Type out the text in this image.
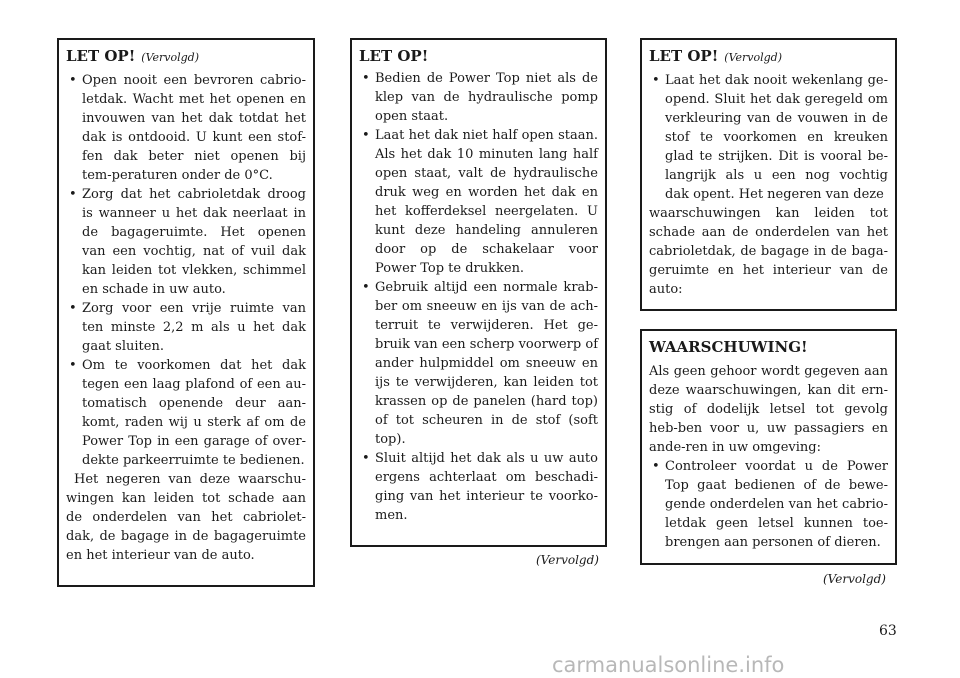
LET OP! (Vervolgd)
• Open nooit een bevroren cabrio-letdak. Wacht met het openen en invouwen van het dak totdat het dak is ontdooid. U kunt een stof-fen dak beter niet openen bij tem-peraturen onder de 0°C.
• Zorg dat het cabrioletdak droog is wanneer u het dak neerlaat in de bagageruimte. Het openen van een vochtig, nat of vuil dak kan leiden tot vlekken, schimmel en schade in uw auto.
• Zorg voor een vrije ruimte van ten minste 2,2 m als u het dak gaat sluiten.
• Om te voorkomen dat het dak tegen een laag plafond of een au-tomatisch openende deur aan-komt, raden wij u sterk af om de Power Top in een garage of over-dekte parkeerruimte te bedienen.

Het negeren van deze waarschu-wingen kan leiden tot schade aan de onderdelen van het cabriolet-dak, de bagage in de bagageruimte en het interieur van de auto.

LET OP!
• Bedien de Power Top niet als de klep van de hydraulische pomp open staat.
• Laat het dak niet half open staan. Als het dak 10 minuten lang half open staat, valt de hydraulische druk weg en worden het dak en het kofferdeksel neergelaten. U kunt deze handeling annuleren door op de schakelaar voor Power Top te drukken.
• Gebruik altijd een normale krab-ber om sneeuw en ijs van de ach-terruit te verwijderen. Het ge-bruik van een scherp voorwerp of ander hulpmiddel om sneeuw en ijs te verwijderen, kan leiden tot krassen op de panelen (hard top) of tot scheuren in de stof (soft top).
• Sluit altijd het dak als u uw auto ergens achterlaat om beschadi-ging van het interieur te voorko-men.
(Vervolgd)
LET OP! (Vervolgd)
• Laat het dak nooit wekenlang ge-opend. Sluit het dak geregeld om verkleuring van de vouwen in de stof te voorkomen en kreuken glad te strijken. Dit is vooral be-langrijk als u een nog vochtig dak opent. Het negeren van deze

waarschuwingen kan leiden tot schade aan de onderdelen van het cabrioletdak, de bagage in de baga-geruimte en het interieur van de auto:

WAARSCHUWING!

Als geen gehoor wordt gegeven aan deze waarschuwingen, kan dit ern-stig of dodelijk letsel tot gevolg heb-ben voor u, uw passagiers en ande-ren in uw omgeving:

• Controleer voordat u de Power Top gaat bedienen of de bewe-gende onderdelen van het cabrio-letdak geen letsel kunnen toe-brengen aan personen of dieren.
(Vervolgd)
63
carmanualsonline.info
